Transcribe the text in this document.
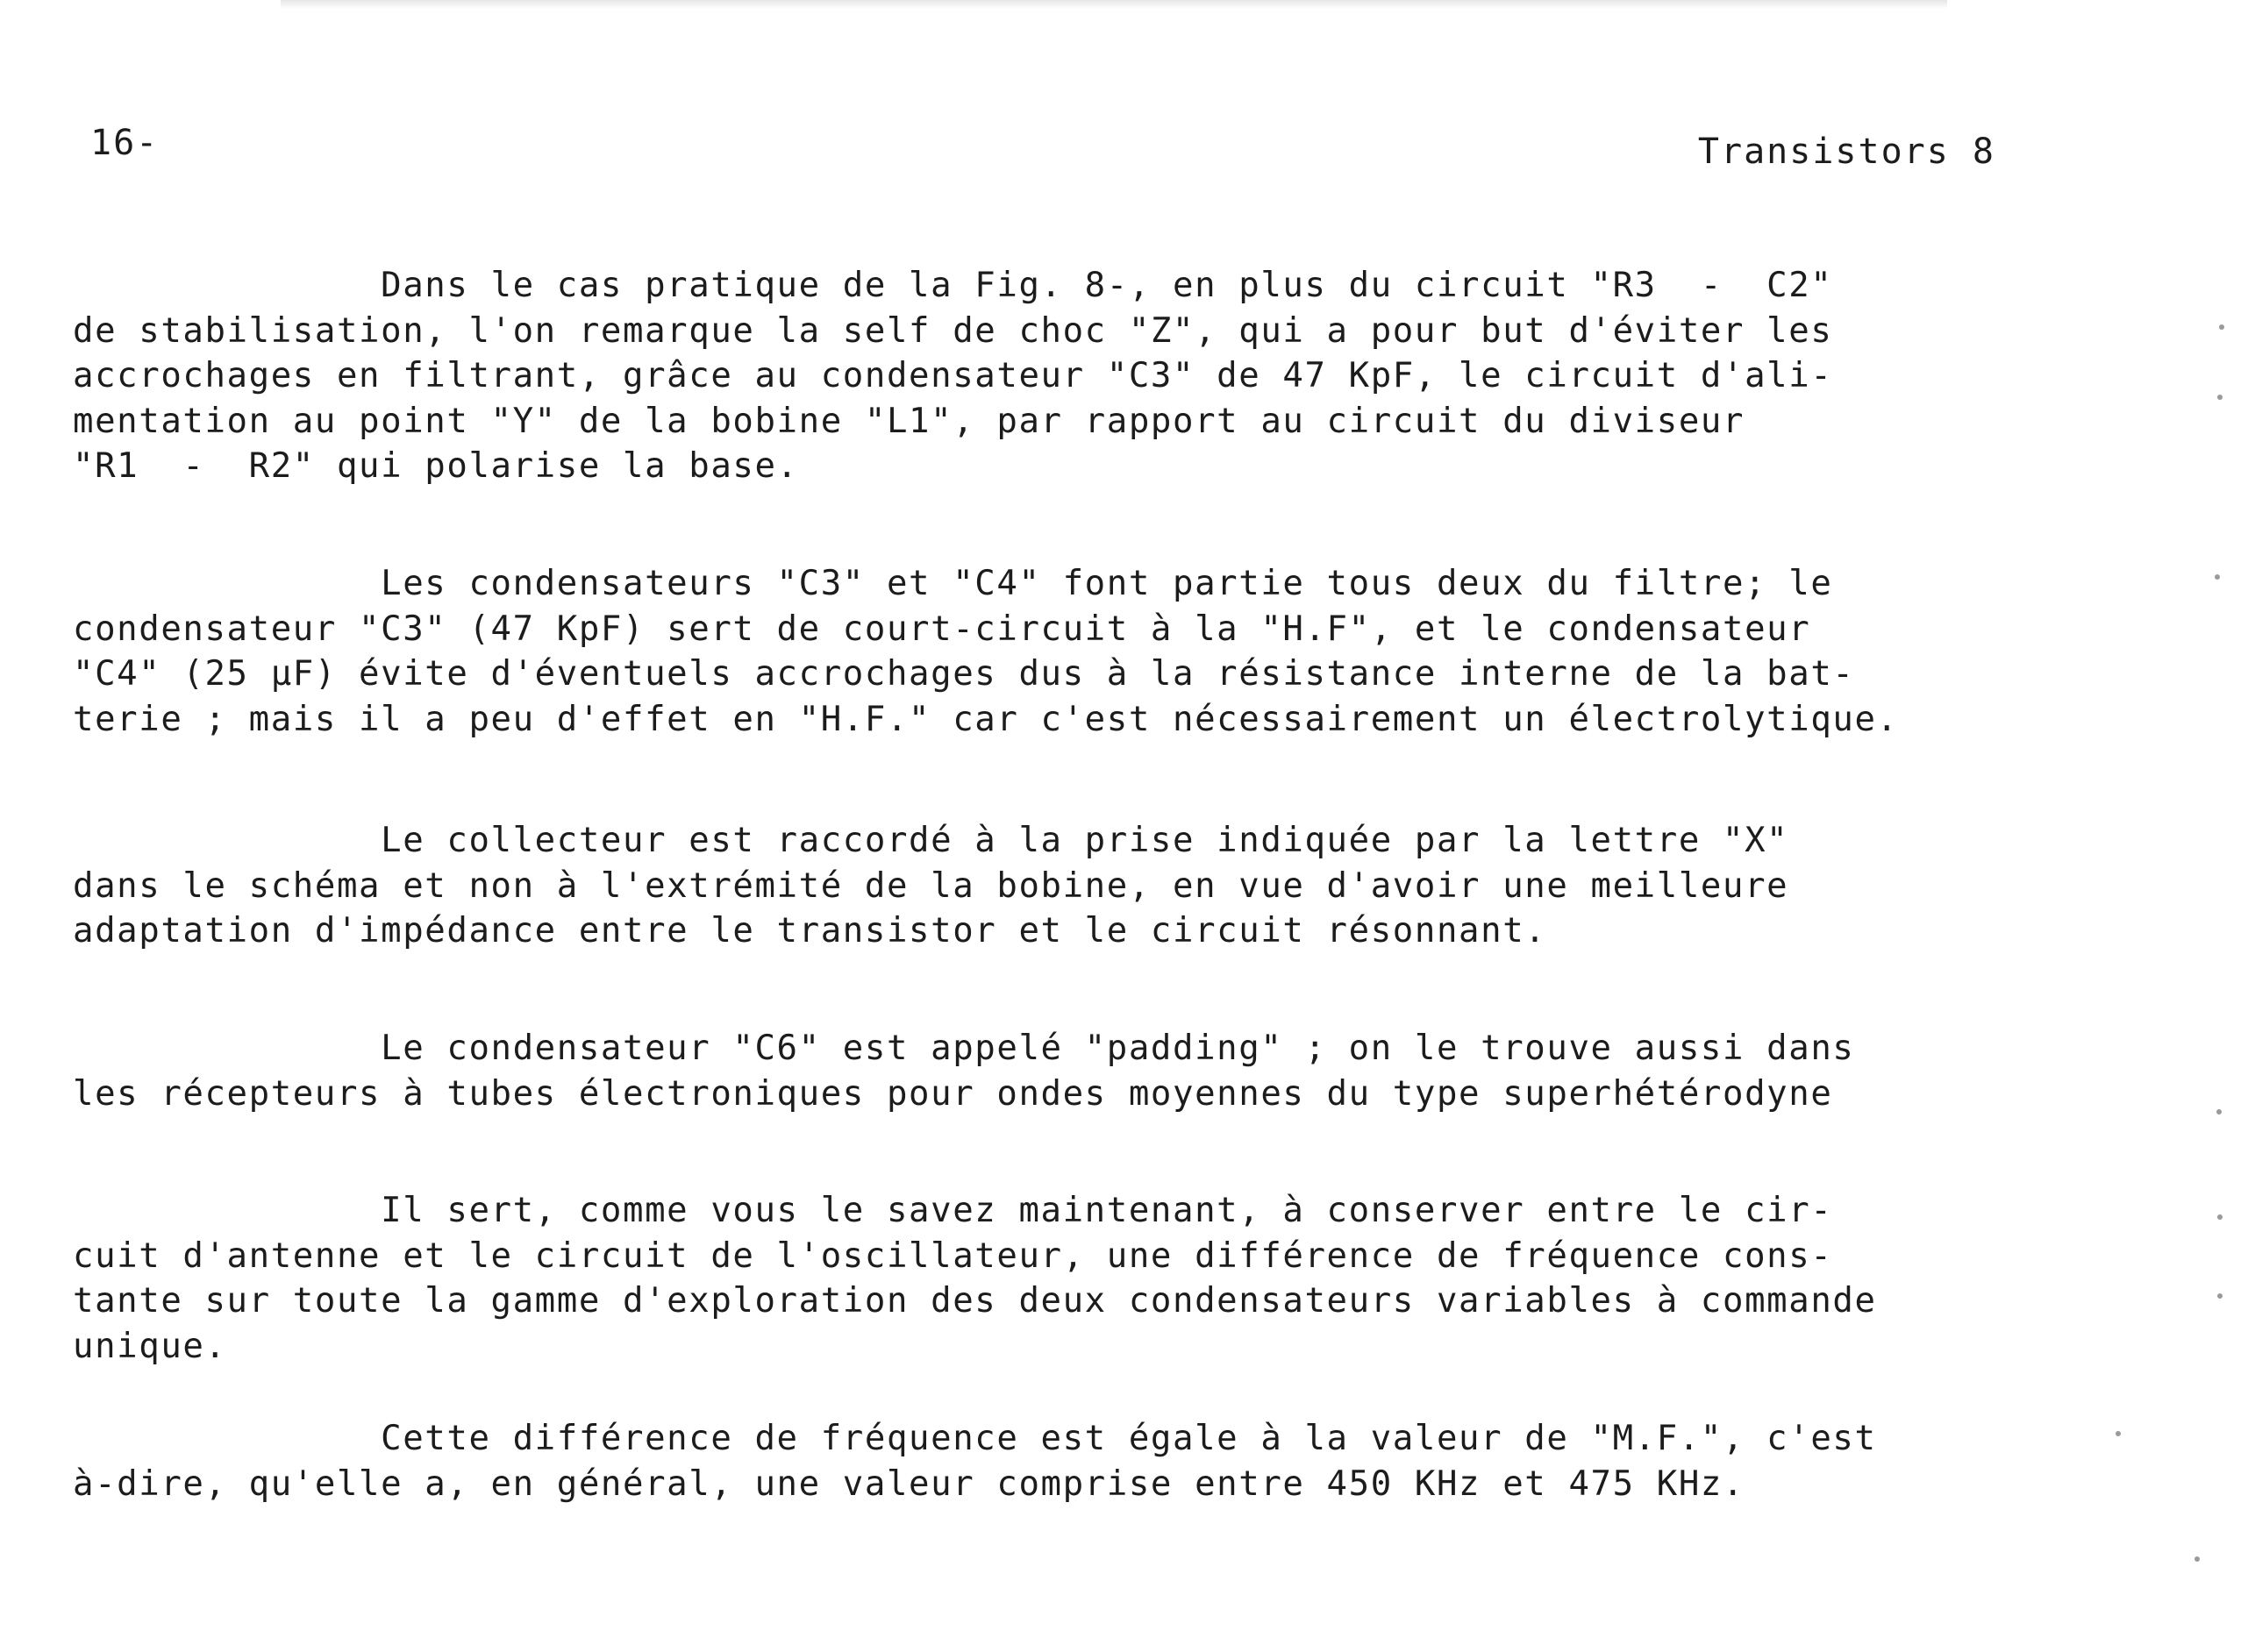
16-	Transistors 8
Dans le cas pratique de la Fig. 8-, en plus du circuit "R3  -  C2"
de stabilisation, l'on remarque la self de choc "Z", qui a pour but d'éviter les
accrochages en filtrant, grâce au condensateur "C3" de 47 KpF, le circuit d'ali-
mentation au point "Y" de la bobine "L1", par rapport au circuit du diviseur
"R1  -  R2" qui polarise la base.
Les condensateurs "C3" et "C4" font partie tous deux du filtre; le
condensateur "C3" (47 KpF) sert de court-circuit à la "H.F", et le condensateur
"C4" (25 µF) évite d'éventuels accrochages dus à la résistance interne de la bat-
terie ; mais il a peu d'effet en "H.F." car c'est nécessairement un électrolytique.
Le collecteur est raccordé à la prise indiquée par la lettre "X"
dans le schéma et non à l'extrémité de la bobine, en vue d'avoir une meilleure
adaptation d'impédance entre le transistor et le circuit résonnant.
Le condensateur "C6" est appelé "padding" ; on le trouve aussi dans
les récepteurs à tubes électroniques pour ondes moyennes du type superhétérodyne
Il sert, comme vous le savez maintenant, à conserver entre le cir-
cuit d'antenne et le circuit de l'oscillateur, une différence de fréquence cons-
tante sur toute la gamme d'exploration des deux condensateurs variables à commande
unique.
Cette différence de fréquence est égale à la valeur de "M.F.", c'est
à-dire, qu'elle a, en général, une valeur comprise entre 450 KHz et 475 KHz.
